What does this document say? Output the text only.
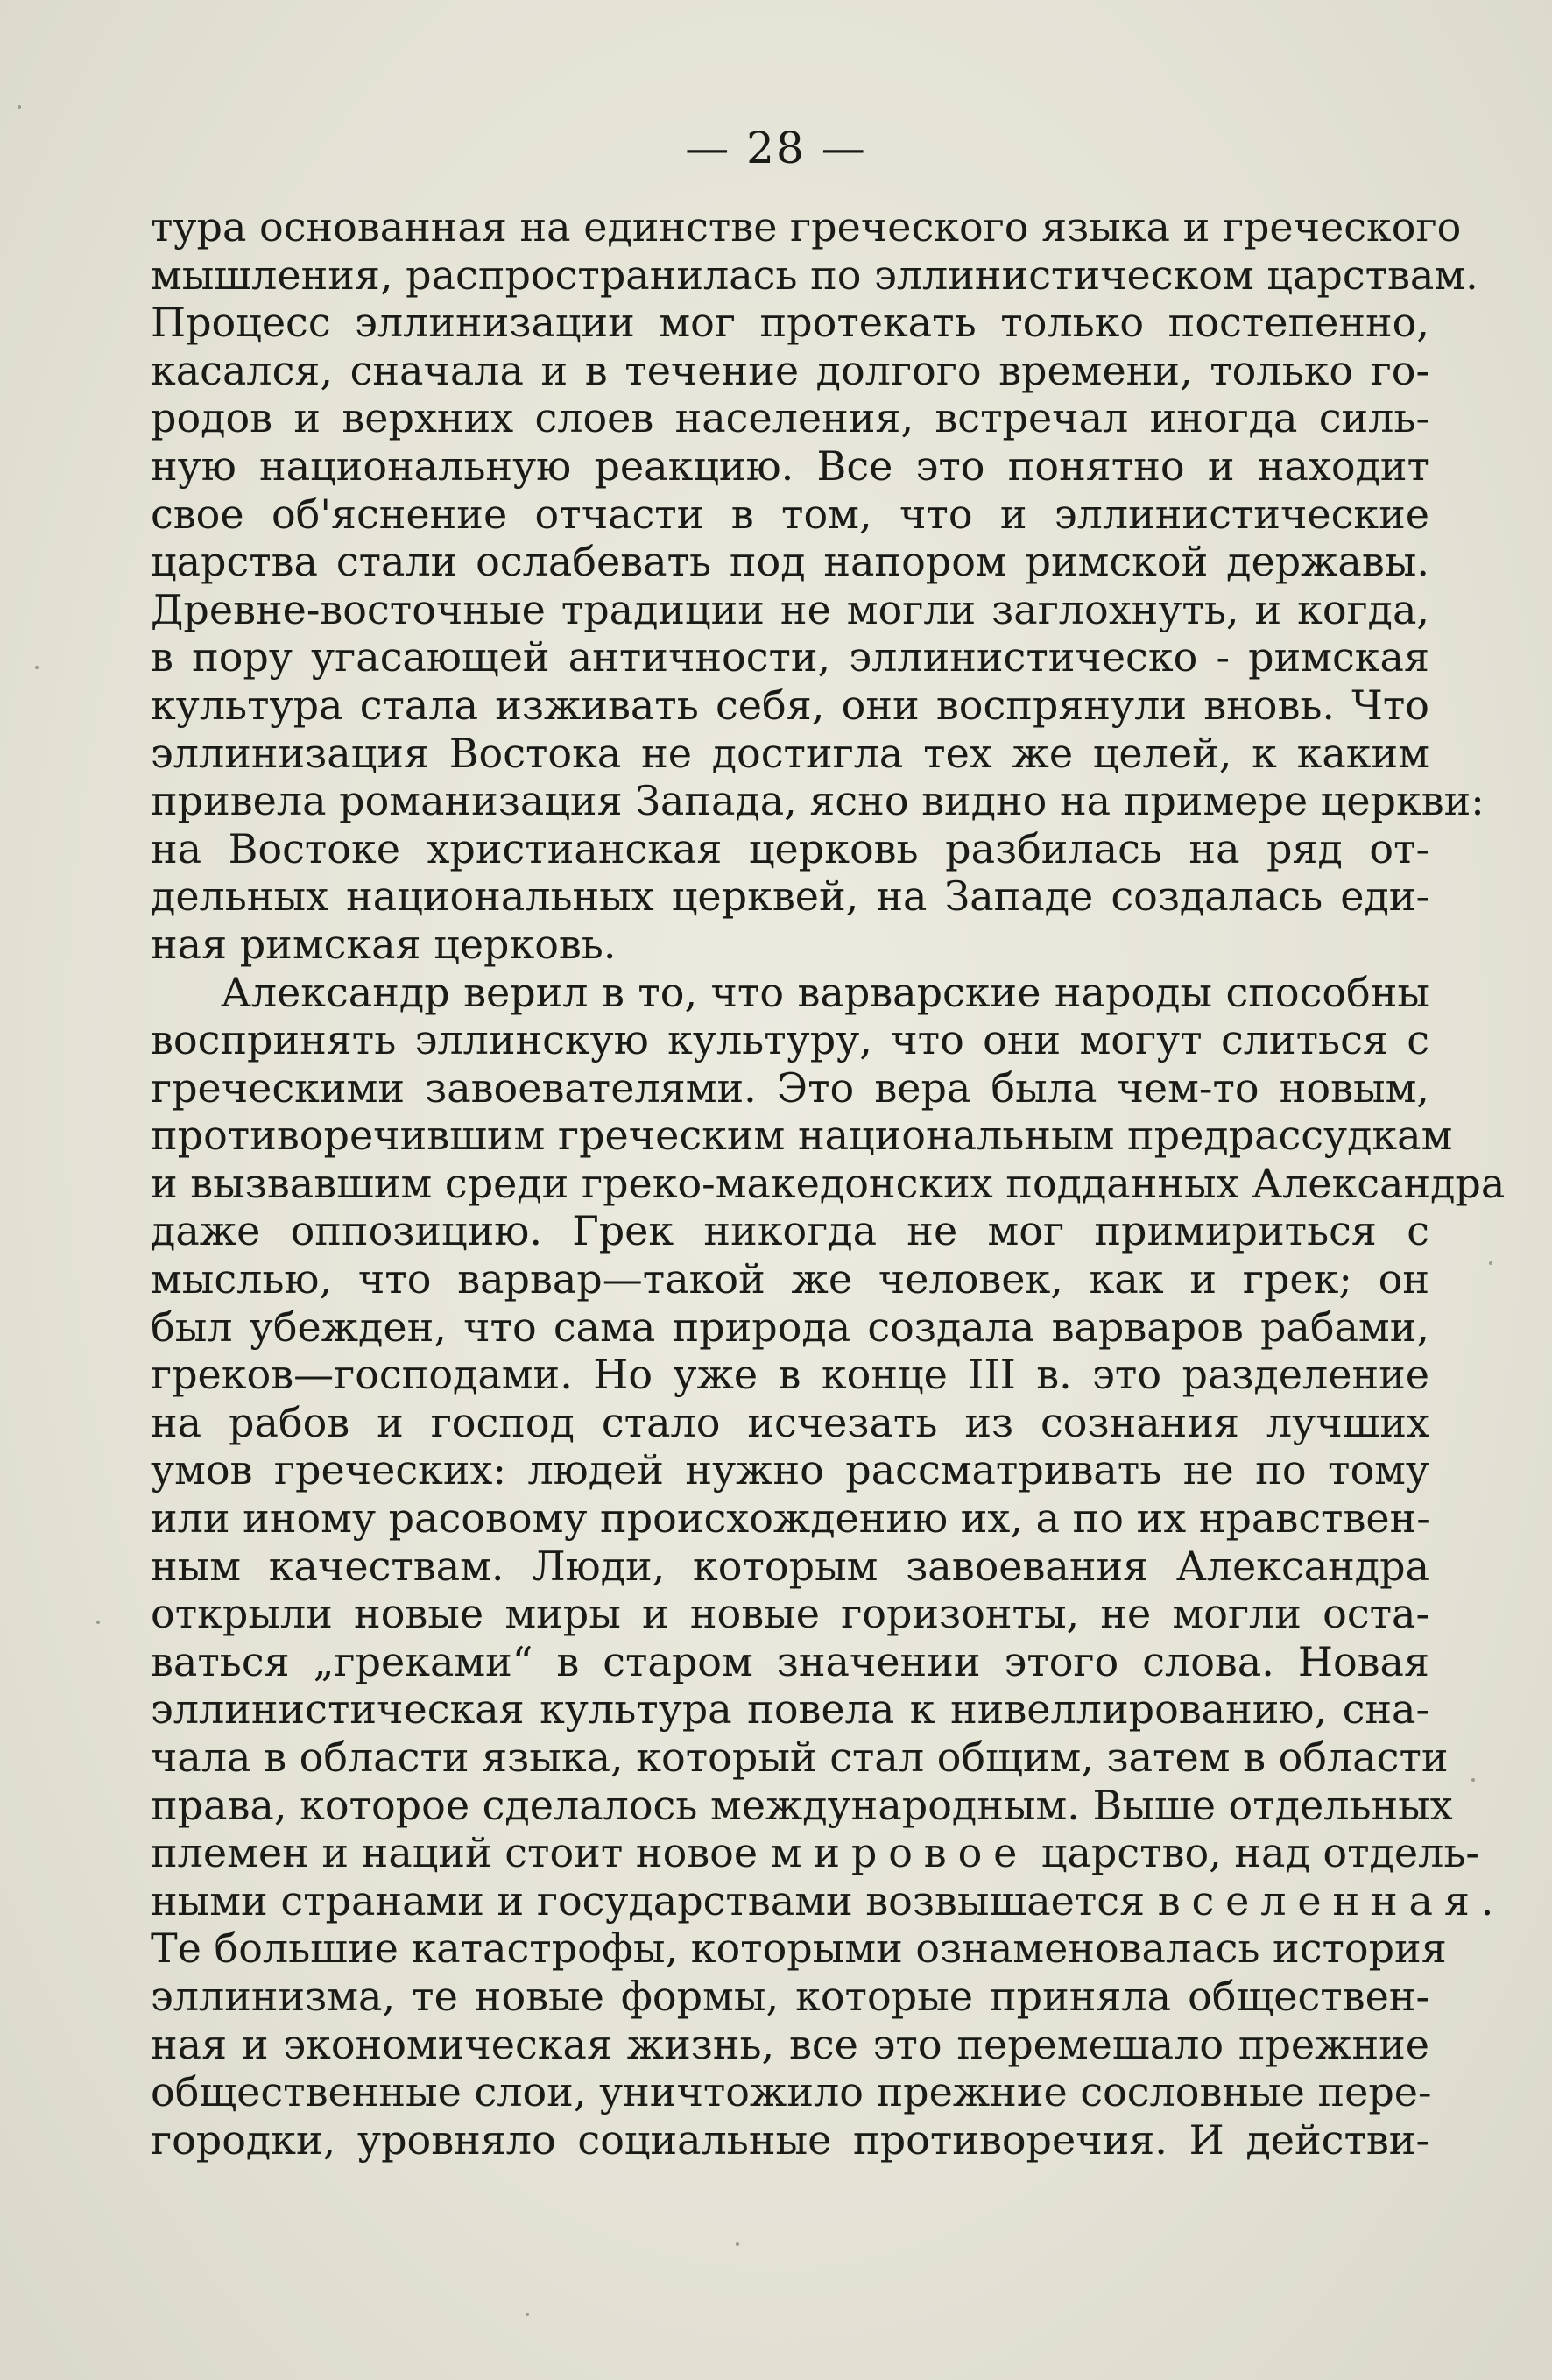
— 28 —
тура основанная на единстве греческого языка и греческого
мышления, распространилась по эллинистическом царствам.
Процесс эллинизации мог протекать только постепенно,
касался, сначала и в течение долгого времени, только го-
родов и верхних слоев населения, встречал иногда силь-
ную национальную реакцию. Все это понятно и находит
свое об'яснение отчасти в том, что и эллинистические
царства стали ослабевать под напором римской державы.
Древне-восточные традиции не могли заглохнуть, и когда,
в пору угасающей античности, эллинистическо - римская
культура стала изживать себя, они воспрянули вновь. Что
эллинизация Востока не достигла тех же целей, к каким
привела романизация Запада, ясно видно на примере церкви:
на Востоке христианская церковь разбилась на ряд от-
дельных национальных церквей, на Западе создалась еди-
ная римская церковь.
Александр верил в то, что варварские народы способны
воспринять эллинскую культуру, что они могут слиться с
греческими завоевателями. Это вера была чем-то новым,
противоречившим греческим национальным предрассудкам
и вызвавшим среди греко-македонских подданных Александра
даже оппозицию. Грек никогда не мог примириться с
мыслью, что варвар—такой же человек, как и грек; он
был убежден, что сама природа создала варваров рабами,
греков—господами. Но уже в конце III в. это разделение
на рабов и господ стало исчезать из сознания лучших
умов греческих: людей нужно рассматривать не по тому
или иному расовому происхождению их, а по их нравствен-
ным качествам. Люди, которым завоевания Александра
открыли новые миры и новые горизонты, не могли оста-
ваться „греками“ в старом значении этого слова. Новая
эллинистическая культура повела к нивеллированию, сна-
чала в области языка, который стал общим, затем в области
права, которое сделалось международным. Выше отдельных
племен и наций стоит новое мировое царство, над отдель-
ными странами и государствами возвышается вселенная.
Те большие катастрофы, которыми ознаменовалась история
эллинизма, те новые формы, которые приняла обществен-
ная и экономическая жизнь, все это перемешало прежние
общественные слои, уничтожило прежние сословные пере-
городки, уровняло социальные противоречия. И действи-
